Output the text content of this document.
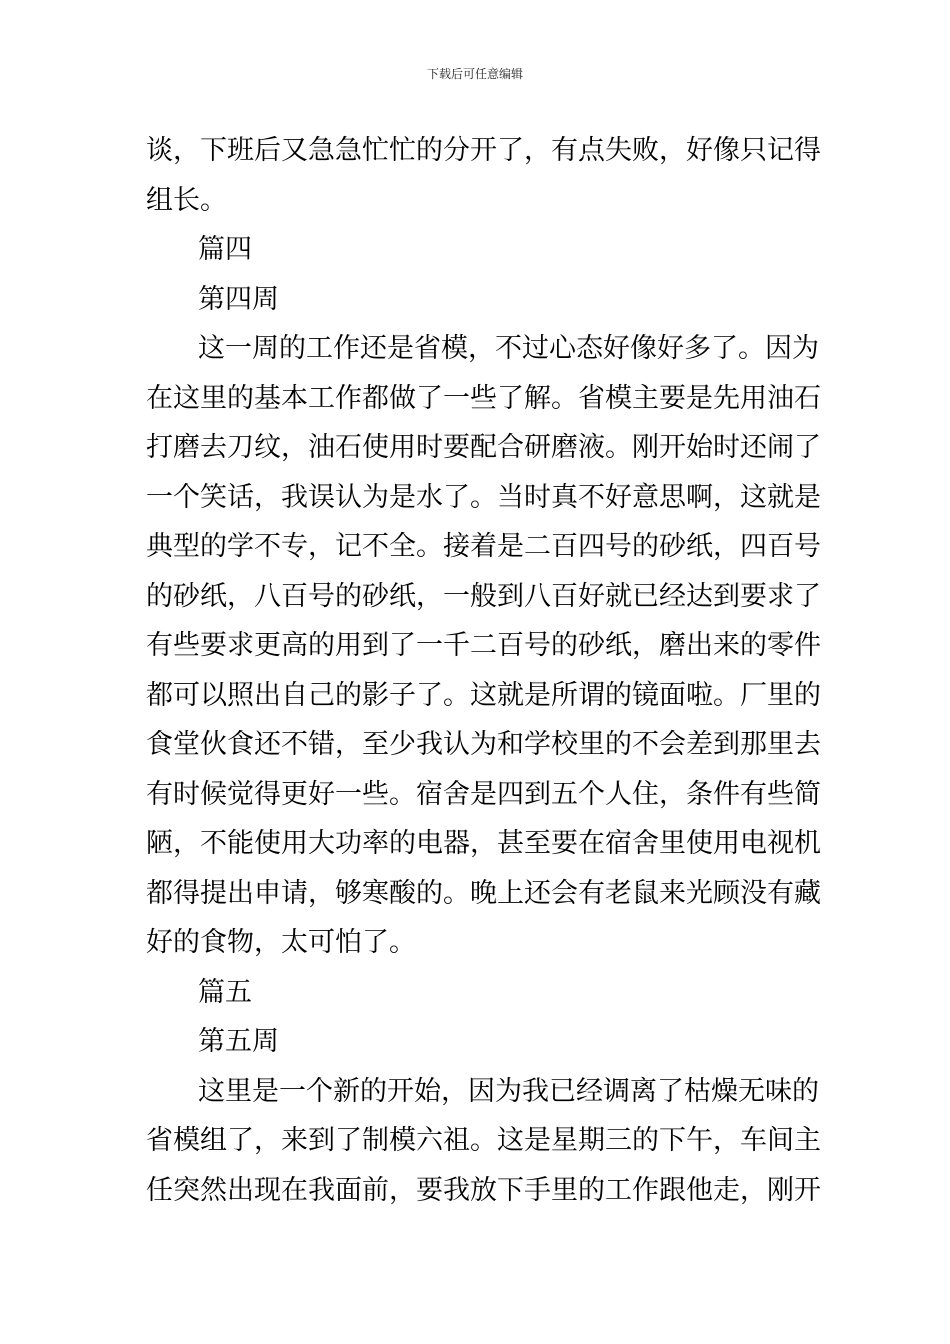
下载后可任意编辑
谈，下班后又急急忙忙的分开了，有点失败，好像只记得
组长。
篇四
第四周
这一周的工作还是省模，不过心态好像好多了。因为
在这里的基本工作都做了一些了解。省模主要是先用油石
打磨去刀纹，油石使用时要配合研磨液。刚开始时还闹了
一个笑话，我误认为是水了。当时真不好意思啊，这就是
典型的学不专，记不全。接着是二百四号的砂纸，四百号
的砂纸，八百号的砂纸，一般到八百好就已经达到要求了
有些要求更高的用到了一千二百号的砂纸，磨出来的零件
都可以照出自己的影子了。这就是所谓的镜面啦。厂里的
食堂伙食还不错，至少我认为和学校里的不会差到那里去
有时候觉得更好一些。宿舍是四到五个人住，条件有些简
陋，不能使用大功率的电器，甚至要在宿舍里使用电视机
都得提出申请，够寒酸的。晚上还会有老鼠来光顾没有藏
好的食物，太可怕了。
篇五
第五周
这里是一个新的开始，因为我已经调离了枯燥无味的
省模组了，来到了制模六祖。这是星期三的下午，车间主
任突然出现在我面前，要我放下手里的工作跟他走，刚开
